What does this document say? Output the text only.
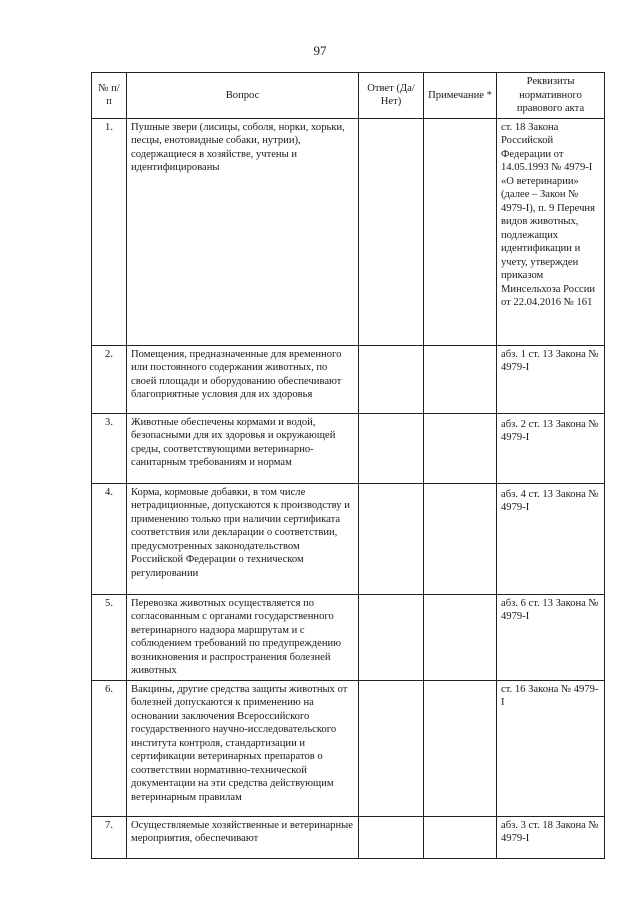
97
№ п/п	Вопрос	Ответ (Да/Нет)	Примечание *	Реквизиты нормативного правового акта
1.	Пушные звери (лисицы, соболя, норки, хорьки, песцы, енотовидные собаки, нутрии), содержащиеся в хозяйстве, учтены и идентифицированы			ст. 18 Закона Российской Федерации от 14.05.1993 № 4979-I «О ветеринарии» (далее – Закон № 4979-I), п. 9 Перечня видов животных, подлежащих идентификации и учету, утвержден приказом Минсельхоза России от 22.04.2016 № 161
2.	Помещения, предназначенные для временного или постоянного содержания животных, по своей площади и оборудованию обеспечивают благоприятные условия для их здоровья			абз. 1 ст. 13 Закона № 4979-I
3.	Животные обеспечены кормами и водой, безопасными для их здоровья и окружающей среды, соответствующими ветеринарно-санитарным требованиям и нормам			абз. 2 ст. 13 Закона № 4979-I
4.	Корма, кормовые добавки, в том числе нетрадиционные, допускаются к производству и применению только при наличии сертификата соответствия или декларации о соответствии, предусмотренных законодательством Российской Федерации о техническом регулировании			абз. 4 ст. 13 Закона № 4979-I
5.	Перевозка животных осуществляется по согласованным с органами государственного ветеринарного надзора маршрутам и с соблюдением требований по предупреждению возникновения и распространения болезней животных			абз. 6 ст. 13 Закона № 4979-I
6.	Вакцины, другие средства защиты животных от болезней допускаются к применению на основании заключения Всероссийского государственного научно-исследовательского института контроля, стандартизации и сертификации ветеринарных препаратов о соответствии нормативно-технической документации на эти средства действующим ветеринарным правилам			ст. 16 Закона № 4979-I
7.	Осуществляемые хозяйственные и ветеринарные мероприятия, обеспечивают			абз. 3 ст. 18 Закона № 4979-I
